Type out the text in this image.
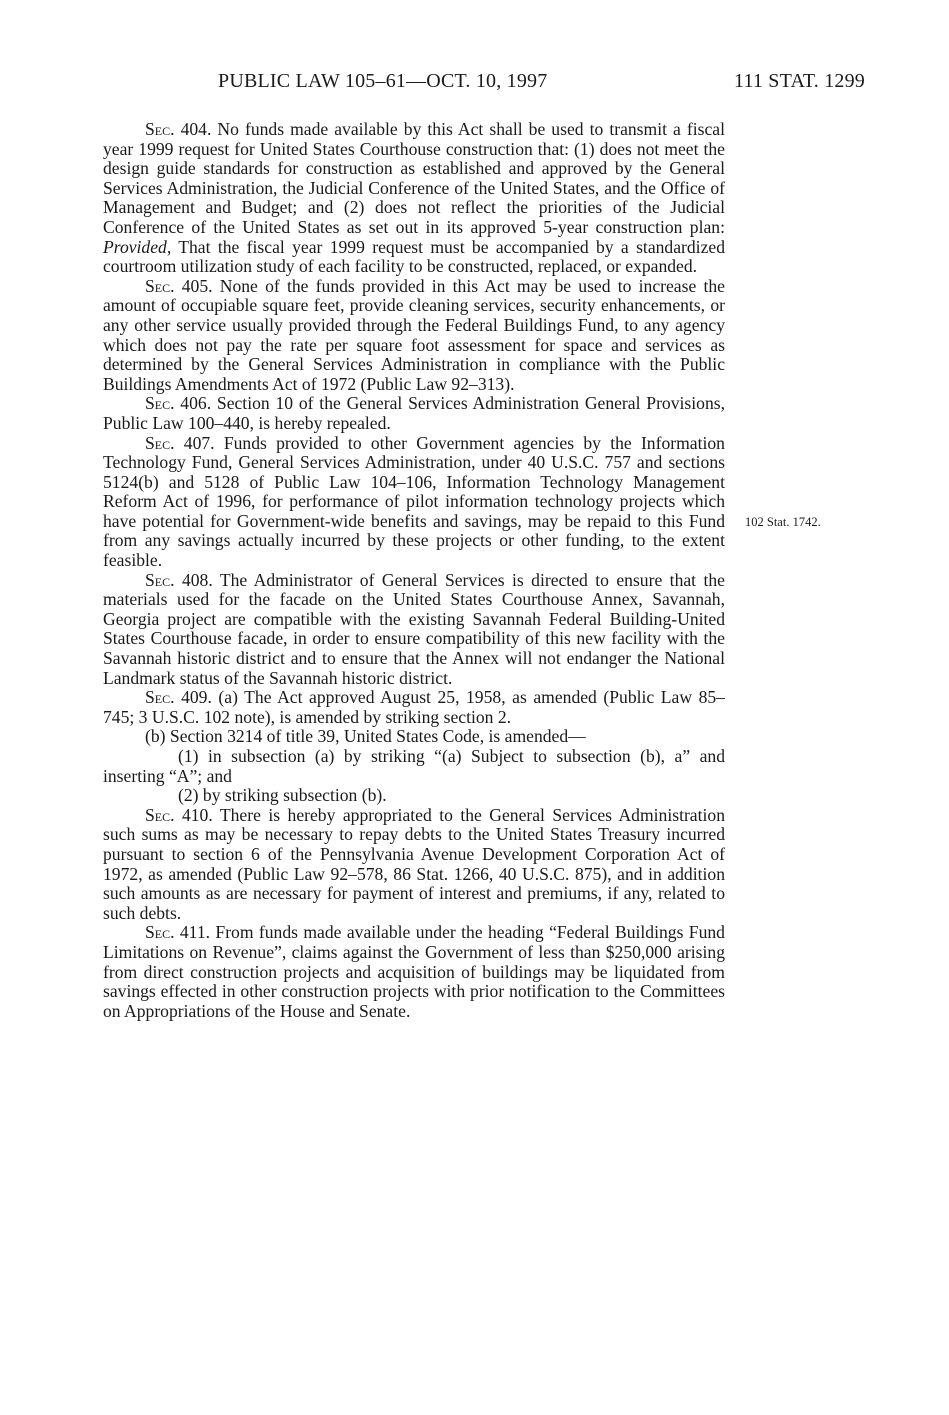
PUBLIC LAW 105–61—OCT. 10, 1997	111 STAT. 1299

Sec. 404. No funds made available by this Act shall be used to transmit a fiscal year 1999 request for United States Courthouse construction that: (1) does not meet the design guide standards for construction as established and approved by the General Services Administration, the Judicial Conference of the United States, and the Office of Management and Budget; and (2) does not reflect the priorities of the Judicial Conference of the United States as set out in its approved 5-year construction plan: Provided, That the fiscal year 1999 request must be accompanied by a standardized courtroom utilization study of each facility to be constructed, replaced, or expanded.

Sec. 405. None of the funds provided in this Act may be used to increase the amount of occupiable square feet, provide cleaning services, security enhancements, or any other service usually provided through the Federal Buildings Fund, to any agency which does not pay the rate per square foot assessment for space and services as determined by the General Services Administration in compliance with the Public Buildings Amendments Act of 1972 (Public Law 92–313).

Sec. 406. Section 10 of the General Services Administration General Provisions, Public Law 100–440, is hereby repealed.

Sec. 407. Funds provided to other Government agencies by the Information Technology Fund, General Services Administration, under 40 U.S.C. 757 and sections 5124(b) and 5128 of Public Law 104–106, Information Technology Management Reform Act of 1996, for performance of pilot information technology projects which have potential for Government-wide benefits and savings, may be repaid to this Fund from any savings actually incurred by these projects or other funding, to the extent feasible.

Sec. 408. The Administrator of General Services is directed to ensure that the materials used for the facade on the United States Courthouse Annex, Savannah, Georgia project are compatible with the existing Savannah Federal Building-United States Courthouse facade, in order to ensure compatibility of this new facility with the Savannah historic district and to ensure that the Annex will not endanger the National Landmark status of the Savannah historic district.

Sec. 409. (a) The Act approved August 25, 1958, as amended (Public Law 85–745; 3 U.S.C. 102 note), is amended by striking section 2.

(b) Section 3214 of title 39, United States Code, is amended—

(1) in subsection (a) by striking “(a) Subject to subsection (b), a” and inserting “A”; and

(2) by striking subsection (b).

Sec. 410. There is hereby appropriated to the General Services Administration such sums as may be necessary to repay debts to the United States Treasury incurred pursuant to section 6 of the Pennsylvania Avenue Development Corporation Act of 1972, as amended (Public Law 92–578, 86 Stat. 1266, 40 U.S.C. 875), and in addition such amounts as are necessary for payment of interest and premiums, if any, related to such debts.

Sec. 411. From funds made available under the heading “Federal Buildings Fund Limitations on Revenue”, claims against the Government of less than $250,000 arising from direct construction projects and acquisition of buildings may be liquidated from savings effected in other construction projects with prior notification to the Committees on Appropriations of the House and Senate.

102 Stat. 1742.
